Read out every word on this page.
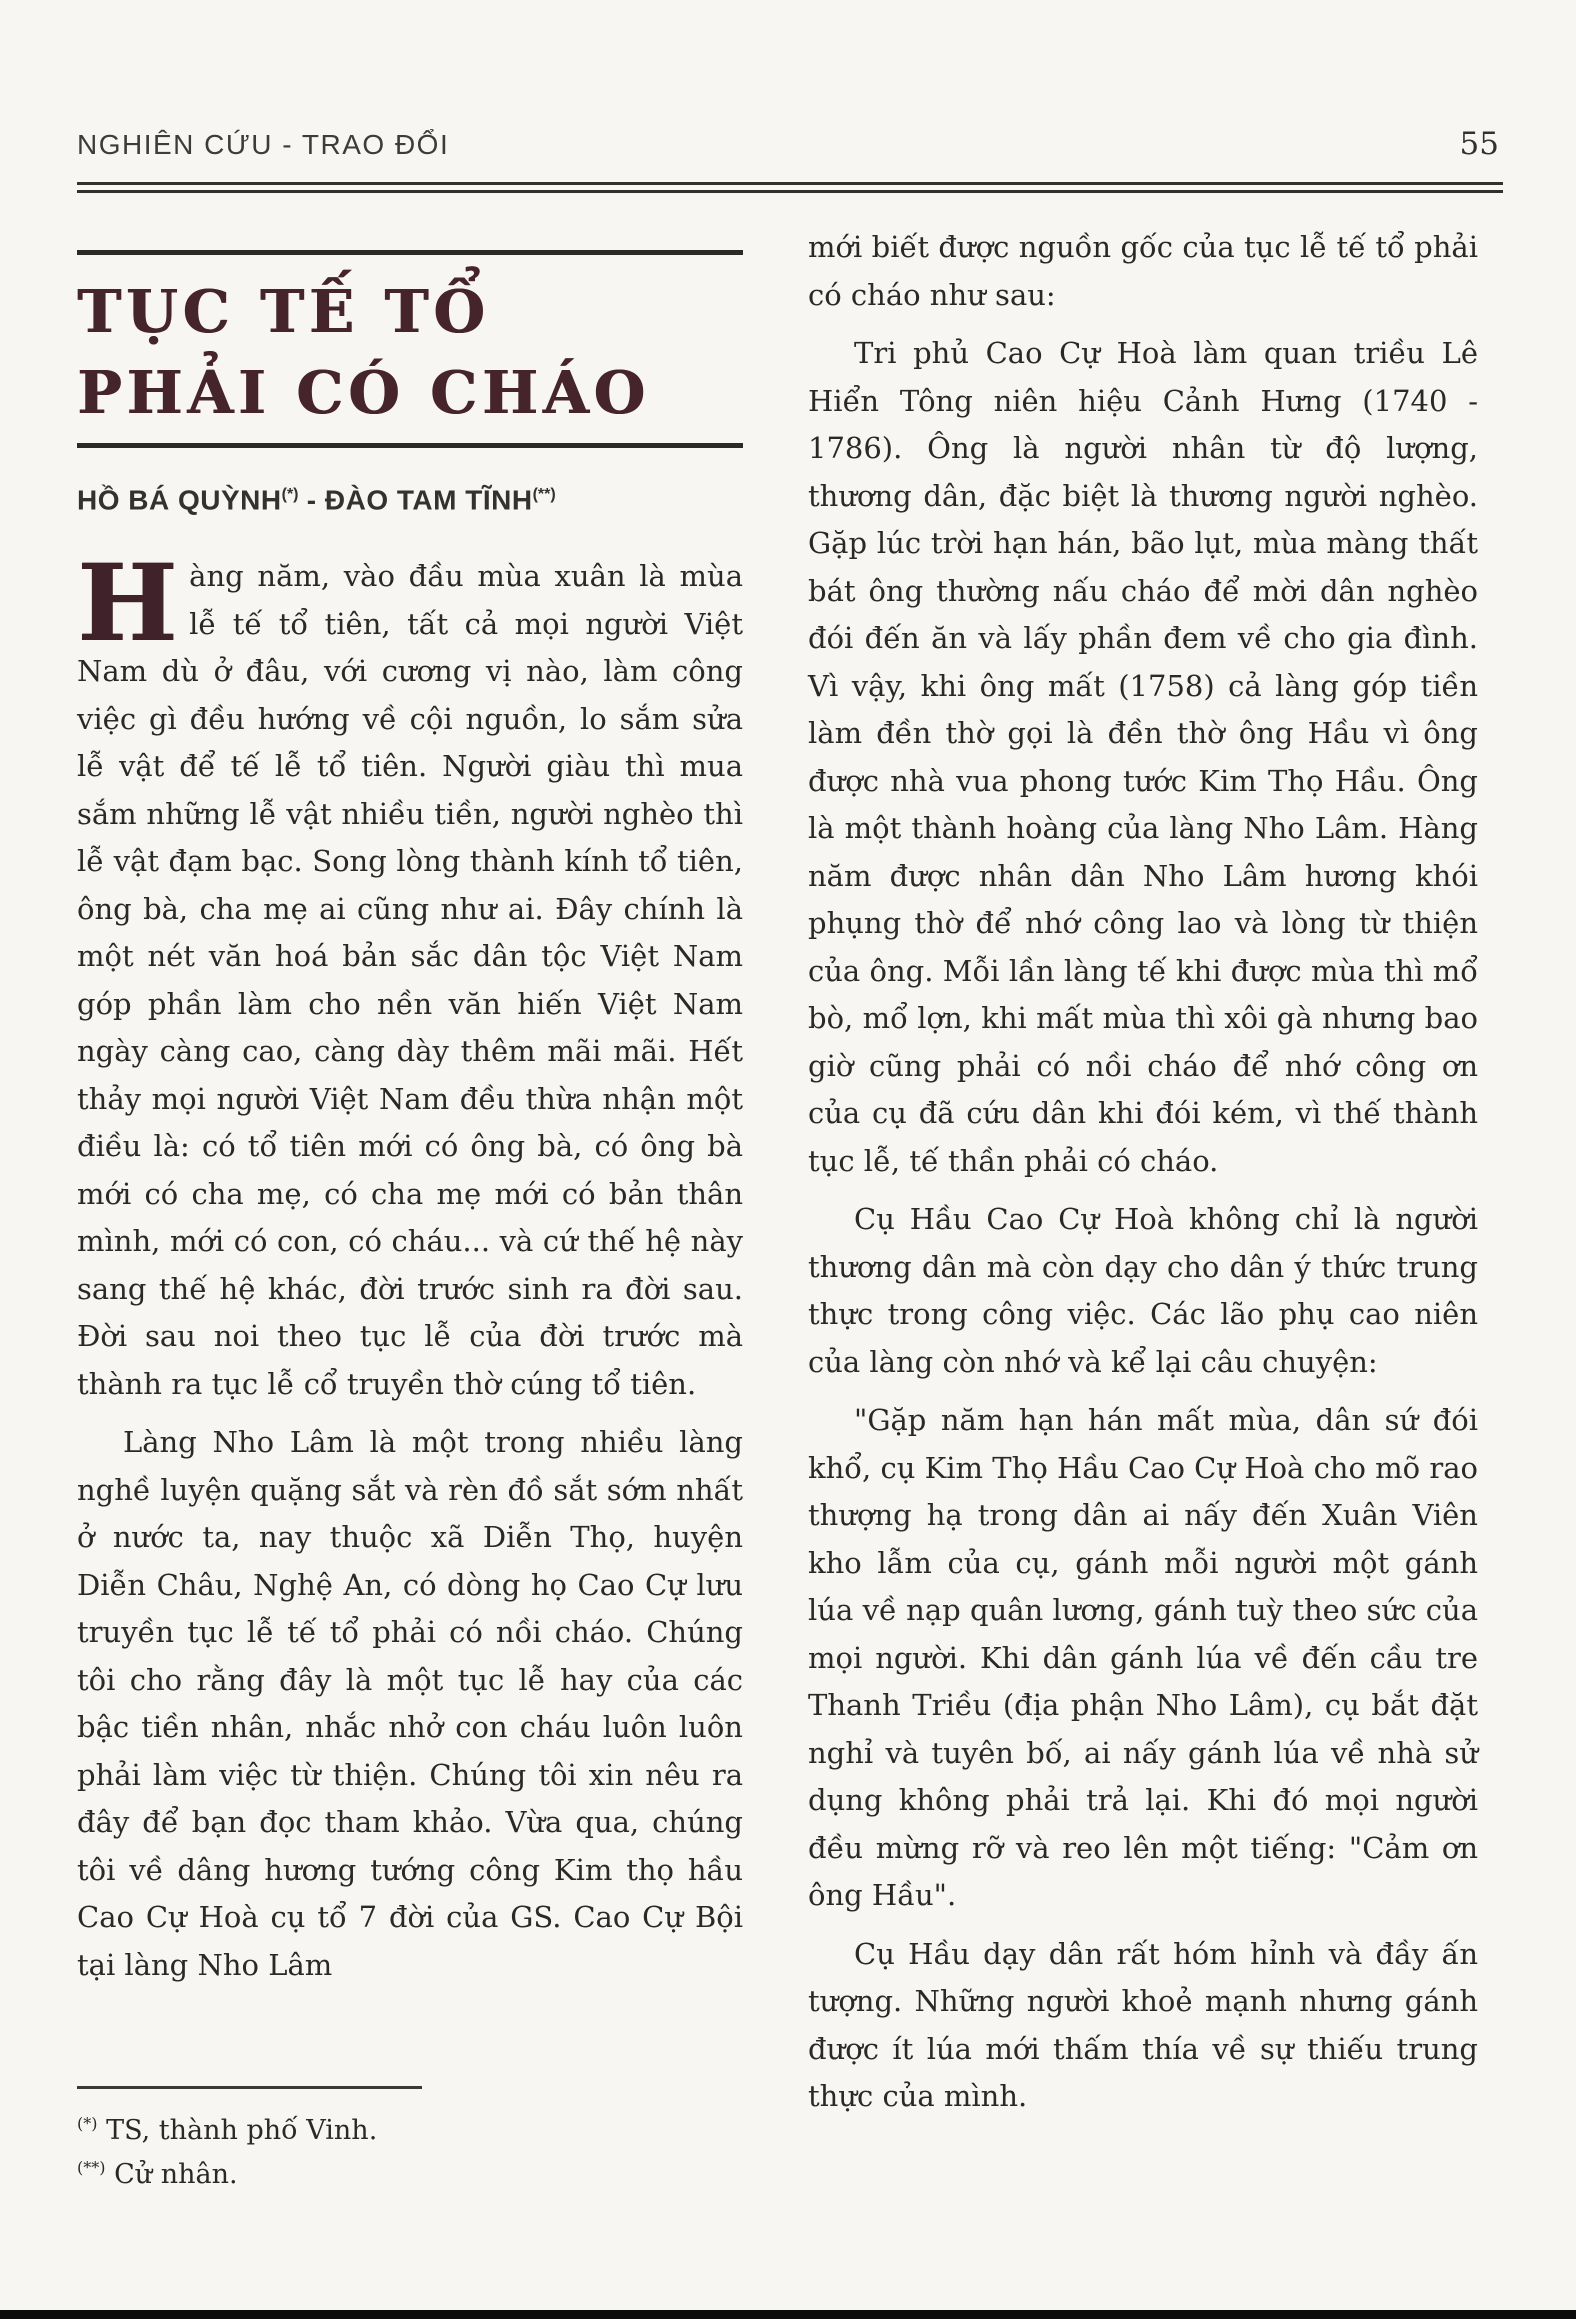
NGHIÊN CỨU - TRAO ĐỔI	55
TỤC TẾ TỔ
PHẢI CÓ CHÁO
HỒ BÁ QUỲNH(*) - ĐÀO TAM TĨNH(**)

Hàng năm, vào đầu mùa xuân là mùa lễ tế tổ tiên, tất cả mọi người Việt Nam dù ở đâu, với cương vị nào, làm công việc gì đều hướng về cội nguồn, lo sắm sửa lễ vật để tế lễ tổ tiên. Người giàu thì mua sắm những lễ vật nhiều tiền, người nghèo thì lễ vật đạm bạc. Song lòng thành kính tổ tiên, ông bà, cha mẹ ai cũng như ai. Đây chính là một nét văn hoá bản sắc dân tộc Việt Nam góp phần làm cho nền văn hiến Việt Nam ngày càng cao, càng dày thêm mãi mãi. Hết thảy mọi người Việt Nam đều thừa nhận một điều là: có tổ tiên mới có ông bà, có ông bà mới có cha mẹ, có cha mẹ mới có bản thân mình, mới có con, có cháu... và cứ thế hệ này sang thế hệ khác, đời trước sinh ra đời sau. Đời sau noi theo tục lễ của đời trước mà thành ra tục lễ cổ truyền thờ cúng tổ tiên.

Làng Nho Lâm là một trong nhiều làng nghề luyện quặng sắt và rèn đồ sắt sớm nhất ở nước ta, nay thuộc xã Diễn Thọ, huyện Diễn Châu, Nghệ An, có dòng họ Cao Cự lưu truyền tục lễ tế tổ phải có nồi cháo. Chúng tôi cho rằng đây là một tục lễ hay của các bậc tiền nhân, nhắc nhở con cháu luôn luôn phải làm việc từ thiện. Chúng tôi xin nêu ra đây để bạn đọc tham khảo. Vừa qua, chúng tôi về dâng hương tướng công Kim thọ hầu Cao Cự Hoà cụ tổ 7 đời của GS. Cao Cự Bội tại làng Nho Lâm

mới biết được nguồn gốc của tục lễ tế tổ phải có cháo như sau:

Tri phủ Cao Cự Hoà làm quan triều Lê Hiển Tông niên hiệu Cảnh Hưng (1740 - 1786). Ông là người nhân từ độ lượng, thương dân, đặc biệt là thương người nghèo. Gặp lúc trời hạn hán, bão lụt, mùa màng thất bát ông thường nấu cháo để mời dân nghèo đói đến ăn và lấy phần đem về cho gia đình. Vì vậy, khi ông mất (1758) cả làng góp tiền làm đền thờ gọi là đền thờ ông Hầu vì ông được nhà vua phong tước Kim Thọ Hầu. Ông là một thành hoàng của làng Nho Lâm. Hàng năm được nhân dân Nho Lâm hương khói phụng thờ để nhớ công lao và lòng từ thiện của ông. Mỗi lần làng tế khi được mùa thì mổ bò, mổ lợn, khi mất mùa thì xôi gà nhưng bao giờ cũng phải có nồi cháo để nhớ công ơn của cụ đã cứu dân khi đói kém, vì thế thành tục lễ, tế thần phải có cháo.

Cụ Hầu Cao Cự Hoà không chỉ là người thương dân mà còn dạy cho dân ý thức trung thực trong công việc. Các lão phụ cao niên của làng còn nhớ và kể lại câu chuyện:

"Gặp năm hạn hán mất mùa, dân sứ đói khổ, cụ Kim Thọ Hầu Cao Cự Hoà cho mõ rao thượng hạ trong dân ai nấy đến Xuân Viên kho lẫm của cụ, gánh mỗi người một gánh lúa về nạp quân lương, gánh tuỳ theo sức của mọi người. Khi dân gánh lúa về đến cầu tre Thanh Triều (địa phận Nho Lâm), cụ bắt đặt nghỉ và tuyên bố, ai nấy gánh lúa về nhà sử dụng không phải trả lại. Khi đó mọi người đều mừng rỡ và reo lên một tiếng: "Cảm ơn ông Hầu".

Cụ Hầu dạy dân rất hóm hỉnh và đầy ấn tượng. Những người khoẻ mạnh nhưng gánh được ít lúa mới thấm thía về sự thiếu trung thực của mình.

(*) TS, thành phố Vinh.
(**) Cử nhân.
